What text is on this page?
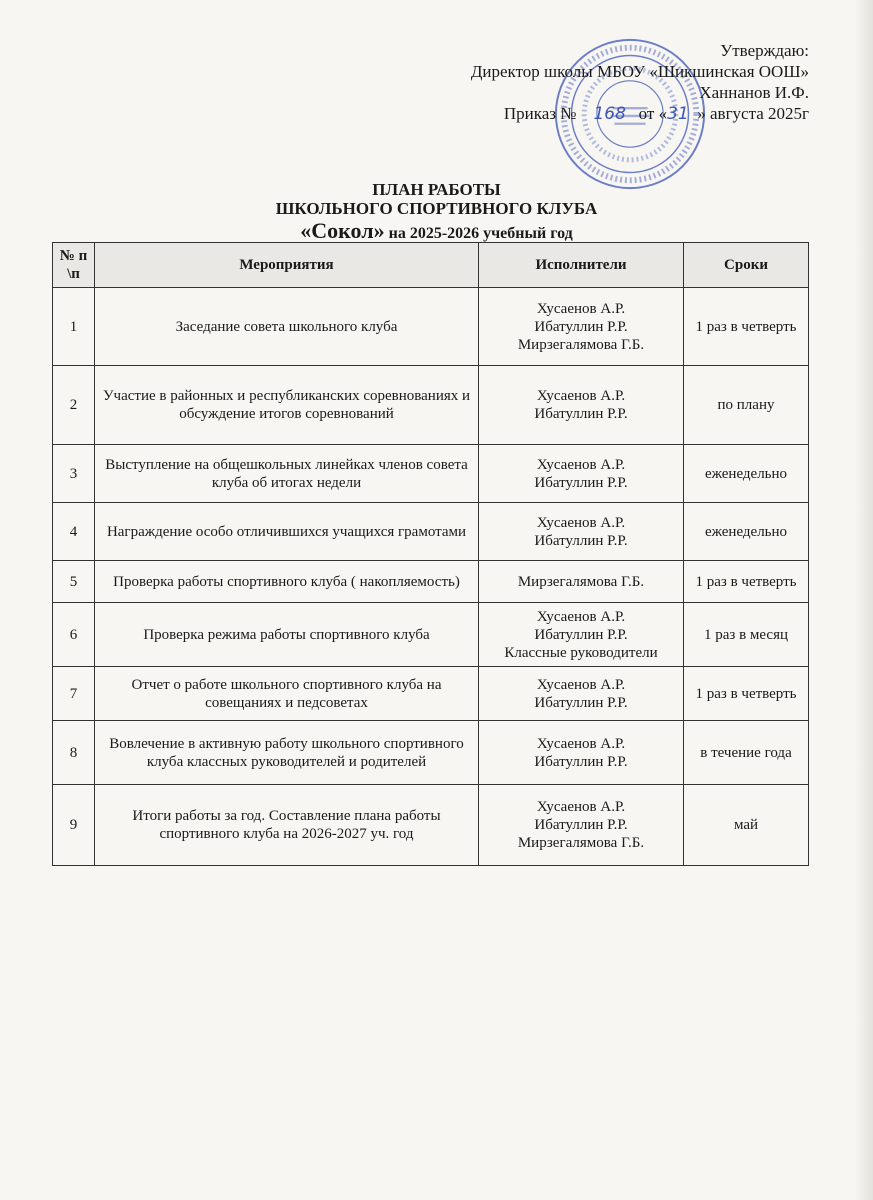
Утверждаю:
Директор школы МБОУ «Шикшинская ООШ»
Ханнанов И.Ф.
Приказ № 168 от «31 » августа 2025г
ПЛАН РАБОТЫ
ШКОЛЬНОГО СПОРТИВНОГО КЛУБА
«Сокол» на 2025-2026 учебный год
№ п \п	Мероприятия	Исполнители	Сроки
1	Заседание совета школьного клуба	Хусаенов А.Р.
Ибатуллин Р.Р.
Мирзегалямова Г.Б.	1 раз в четверть
2	Участие в районных и республиканских соревнованиях и обсуждение итогов соревнований	Хусаенов А.Р.
Ибатуллин Р.Р.	по плану
3	Выступление на общешкольных линейках членов совета клуба об итогах недели	Хусаенов А.Р.
Ибатуллин Р.Р.	еженедельно
4	Награждение особо отличившихся учащихся грамотами	Хусаенов А.Р.
Ибатуллин Р.Р.	еженедельно
5	Проверка работы спортивного клуба ( накопляемость)	Мирзегалямова Г.Б.	1 раз в четверть
6	Проверка режима работы спортивного клуба	Хусаенов А.Р.
Ибатуллин Р.Р.
Классные руководители	1 раз в месяц
7	Отчет о работе школьного спортивного клуба на совещаниях и педсоветах	Хусаенов А.Р.
Ибатуллин Р.Р.	1 раз в четверть
8	Вовлечение в активную работу школьного спортивного клуба классных руководителей и родителей	Хусаенов А.Р.
Ибатуллин Р.Р.	в течение года
9	Итоги работы за год. Составление плана работы спортивного клуба на 2026-2027 уч. год	Хусаенов А.Р.
Ибатуллин Р.Р.
Мирзегалямова Г.Б.	май
